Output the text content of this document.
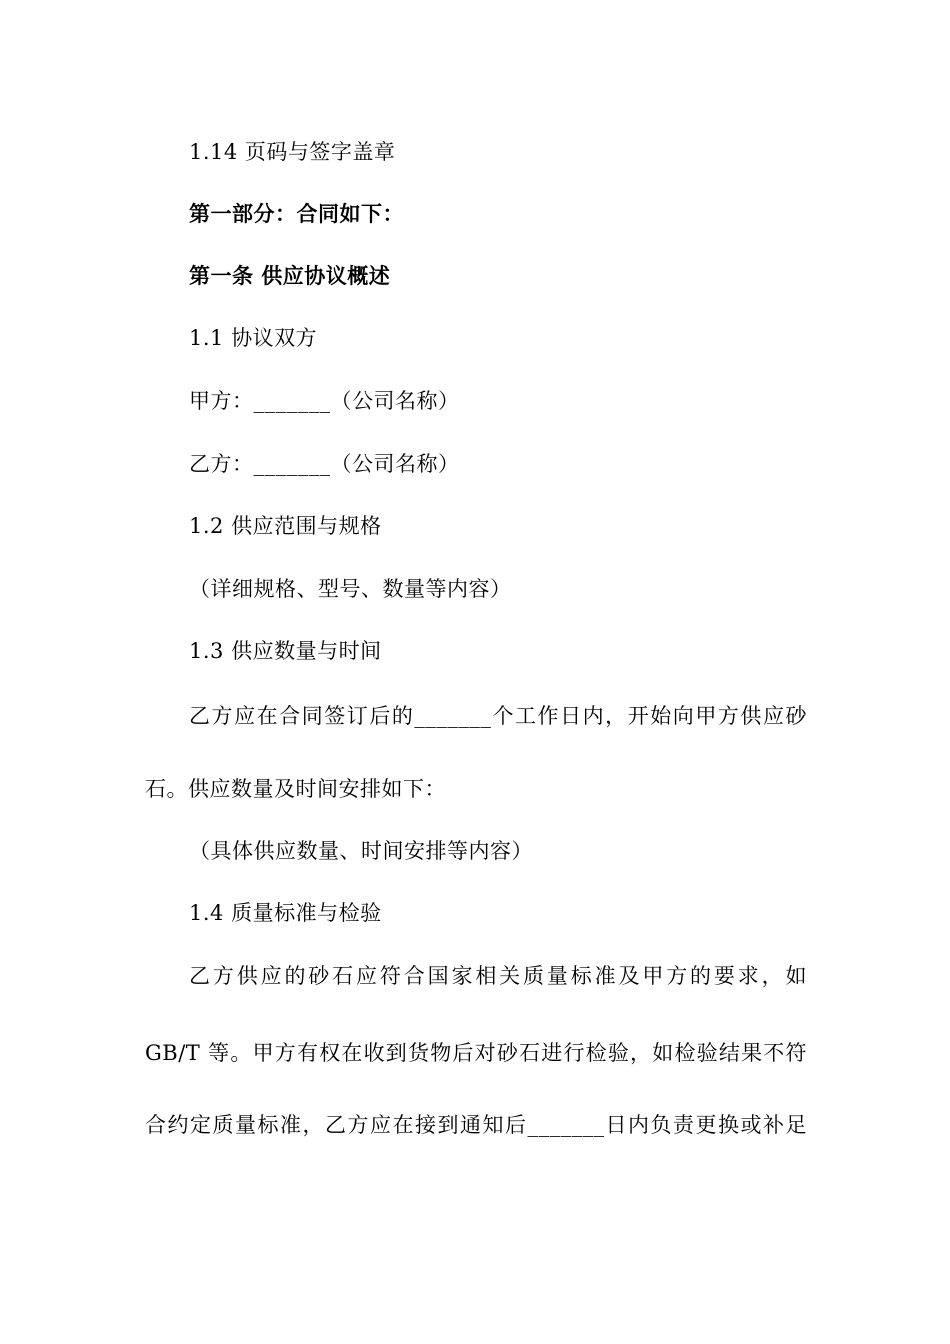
1.14 页码与签字盖章
第一部分：合同如下：
第一条 供应协议概述
1.1 协议双方
甲方：_______（公司名称）
乙方：_______（公司名称）
1.2 供应范围与规格
（详细规格、型号、数量等内容）
1.3 供应数量与时间
乙方应在合同签订后的_______个工作日内，开始向甲方供应砂
石。供应数量及时间安排如下：
（具体供应数量、时间安排等内容）
1.4 质量标准与检验
乙方供应的砂石应符合国家相关质量标准及甲方的要求，如
GB/T 等。甲方有权在收到货物后对砂石进行检验，如检验结果不符
合约定质量标准，乙方应在接到通知后_______日内负责更换或补足
